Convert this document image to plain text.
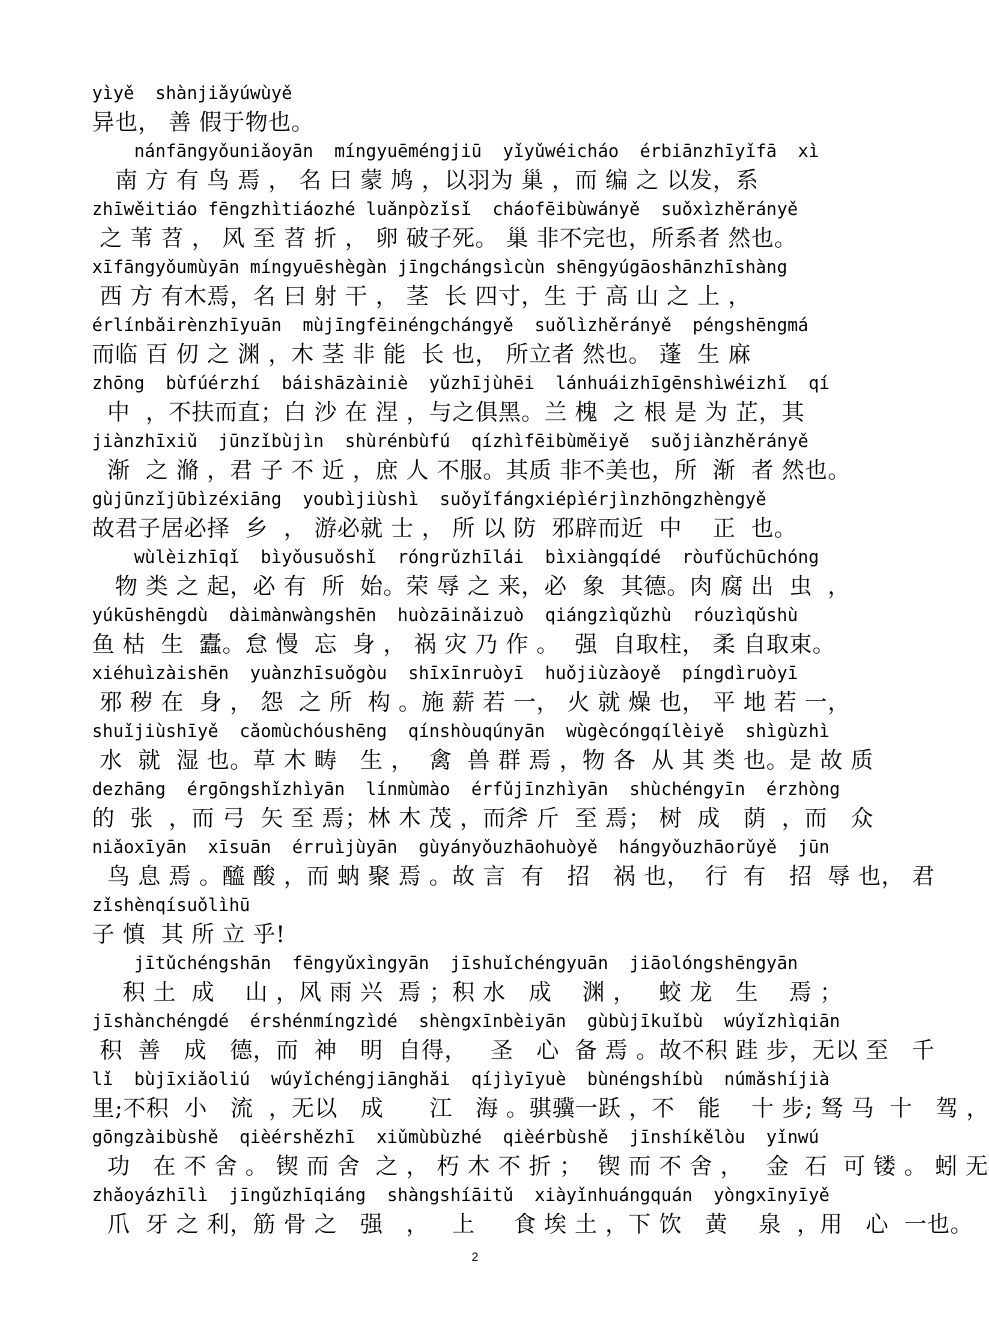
yìyě  shànjiǎyúwùyě
异也， 善 假于物也。
nánfāngyǒuniǎoyān  míngyuēméngjiū  yǐyǔwéicháo  érbiānzhīyǐfā  xì
南 方 有 鸟 焉 ， 名 曰 蒙 鸠 ，以羽为 巢 ，而 编 之 以发，系
zhīwěitiáo fēngzhìtiáozhé luǎnpòzǐsǐ  cháofēibùwányě  suǒxìzhěrányě
之 苇 苕 ， 风 至 苕 折 ， 卵 破子死。 巢 非不完也，所系者 然也。
xīfāngyǒumùyān míngyuēshègàn jīngchángsìcùn shēngyúgāoshānzhīshàng
西 方 有木焉，名 曰 射 干 ， 茎  长 四寸，生 于 高 山 之 上 ，
érlínbǎirènzhīyuān  mùjīngfēinéngchángyě  suǒlìzhěrányě  péngshēngmá
而临 百 仞 之 渊 ，木 茎 非 能  长 也， 所立者 然也。 蓬  生 麻
zhōng  bùfúérzhí  báishāzàiniè  yǔzhījùhēi  lánhuáizhīgēnshìwéizhǐ  qí
中  ，不扶而直；白 沙 在 涅 ，与之俱黑。兰 槐  之 根 是 为 芷，其
jiànzhīxiǔ  jūnzǐbùjìn  shùrénbùfú  qízhìfēibùměiyě  suǒjiànzhěrányě
渐  之 滫 ，君 子 不 近 ，庶 人 不服。其质 非不美也，所  渐  者 然也。
gùjūnzǐjūbìzéxiāng  youbìjiùshì  suǒyǐfángxiépìérjìnzhōngzhèngyě
故君子居必择  乡  ， 游必就 士 ， 所 以 防  邪辟而近  中    正  也。
wùlèizhīqǐ  bìyǒusuǒshǐ  róngrǔzhīlái  bìxiàngqídé  ròufǔchūchóng
物 类 之 起，必 有  所  始。荣 辱 之 来，必  象  其德。肉 腐 出  虫  ，
yúkūshēngdù  dàimànwàngshēn  huòzāinǎizuò  qiángzìqǔzhù  róuzìqǔshù
鱼 枯  生  蠹。怠 慢  忘  身 ， 祸 灾 乃 作 。  强  自取柱， 柔 自取束。
xiéhuìzàishēn  yuànzhīsuǒgòu  shīxīnruòyī  huǒjiùzàoyě  píngdìruòyī
邪 秽 在  身 ， 怨  之 所  构 。施 薪 若 一， 火 就 燥 也， 平 地 若 一，
shuǐjiùshīyě  cǎomùchóushēng  qínshòuqúnyān  wùgècóngqílèiyě  shìgùzhì
水  就  湿 也。草 木 畴   生 ，  禽  兽 群 焉 ，物 各  从 其 类 也。是 故 质
dezhāng  érgōngshǐzhìyān  línmùmào  érfǔjīnzhìyān  shùchéngyīn  érzhòng
的  张  ，而 弓  矢 至 焉；林 木 茂 ，而斧 斤  至 焉； 树  成   荫  ，而   众
niǎoxīyān  xīsuān  érruìjùyān  gùyányǒuzhāohuòyě  hángyǒuzhāorǔyě  jūn
鸟 息 焉 。醯 酸 ，而 蚋 聚 焉 。故 言  有   招   祸 也，  行  有   招  辱 也， 君
zǐshènqísuǒlìhū
子 慎  其 所 立 乎!
jītǔchéngshān  fēngyǔxìngyān  jīshuǐchéngyuān  jiāolóngshēngyān
积 土  成    山 ，风 雨 兴  焉 ；积 水   成    渊 ，   蛟 龙   生    焉 ；
jīshànchéngdé  érshénmíngzìdé  shèngxīnbèiyān  gùbùjīkuǐbù  wúyǐzhìqiān
积  善   成   德，而  神   明  自得，   圣   心  备 焉 。故不积 跬 步，无以 至   千
lǐ  bùjīxiǎoliú  wúyǐchéngjiānghǎi  qíjìyīyuè  bùnéngshíbù  númǎshíjià
里;不积  小   流  ，无以   成      江   海 。骐骥一跃 ，不   能    十 步; 驽 马  十   驾 ，
gōngzàibùshě  qièérshězhī  xiǔmùbùzhé  qièérbùshě  jīnshíkělòu  yǐnwú
功   在 不 舍 。 锲 而 舍  之 ， 朽 木 不 折 ；  锲 而 不 舍 ，   金  石  可 镂 。 蚓 无
zhǎoyázhīlì  jīngǔzhīqiáng  shàngshíāitǔ  xiàyǐnhuángquán  yòngxīnyīyě
爪  牙 之 利，筋 骨 之   强   ，   上     食 埃 土 ，下 饮   黄    泉  ，用   心  一也。
2
